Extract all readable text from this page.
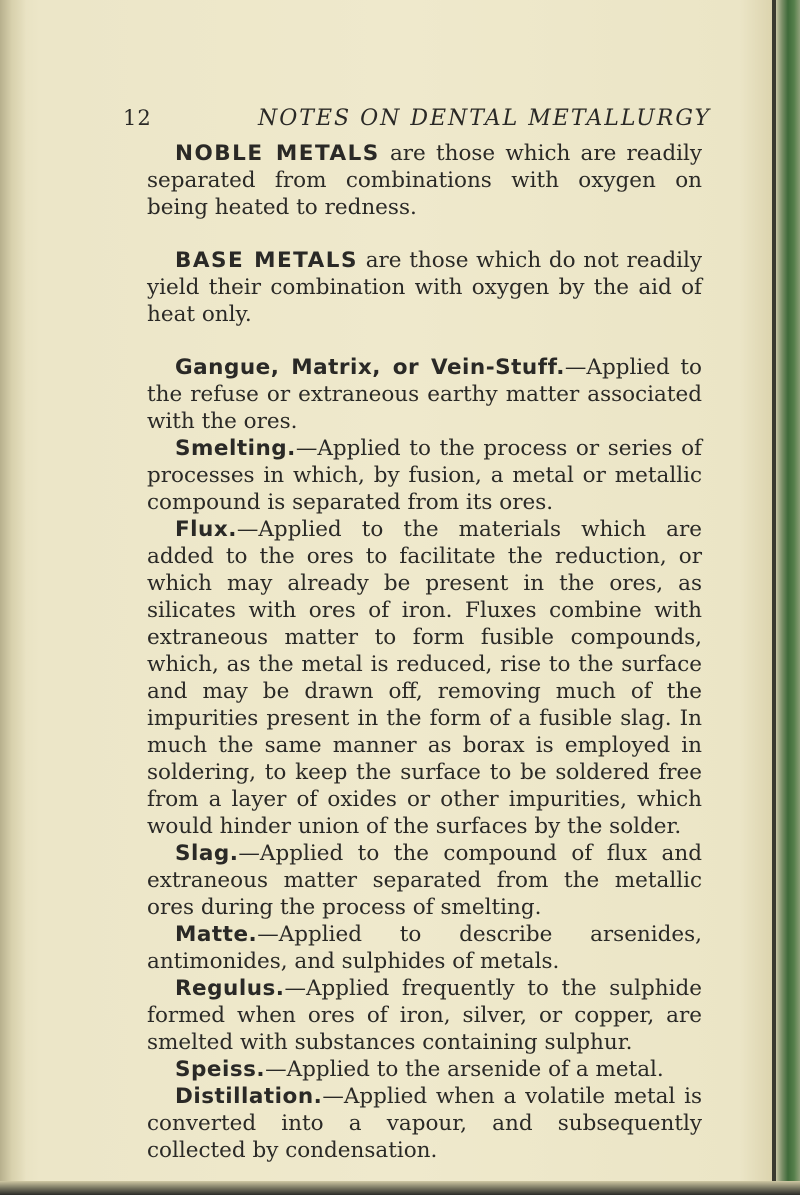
12	NOTES ON DENTAL METALLURGY

NOBLE METALS are those which are readily separated from combinations with oxygen on being heated to redness.

BASE METALS are those which do not readily yield their combination with oxygen by the aid of heat only.

Gangue, Matrix, or Vein-Stuff.—Applied to the refuse or extraneous earthy matter associated with the ores.

Smelting.—Applied to the process or series of processes in which, by fusion, a metal or metallic compound is separated from its ores.

Flux.—Applied to the materials which are added to the ores to facilitate the reduction, or which may already be present in the ores, as silicates with ores of iron. Fluxes combine with extraneous matter to form fusible compounds, which, as the metal is reduced, rise to the surface and may be drawn off, removing much of the impurities present in the form of a fusible slag. In much the same manner as borax is employed in soldering, to keep the surface to be soldered free from a layer of oxides or other impurities, which would hinder union of the surfaces by the solder.

Slag.—Applied to the compound of flux and extraneous matter separated from the metallic ores during the process of smelting.

Matte.—Applied to describe arsenides, antimonides, and sulphides of metals.

Regulus.—Applied frequently to the sulphide formed when ores of iron, silver, or copper, are smelted with substances containing sulphur.

Speiss.—Applied to the arsenide of a metal.

Distillation.—Applied when a volatile metal is converted into a vapour, and subsequently collected by condensation.
